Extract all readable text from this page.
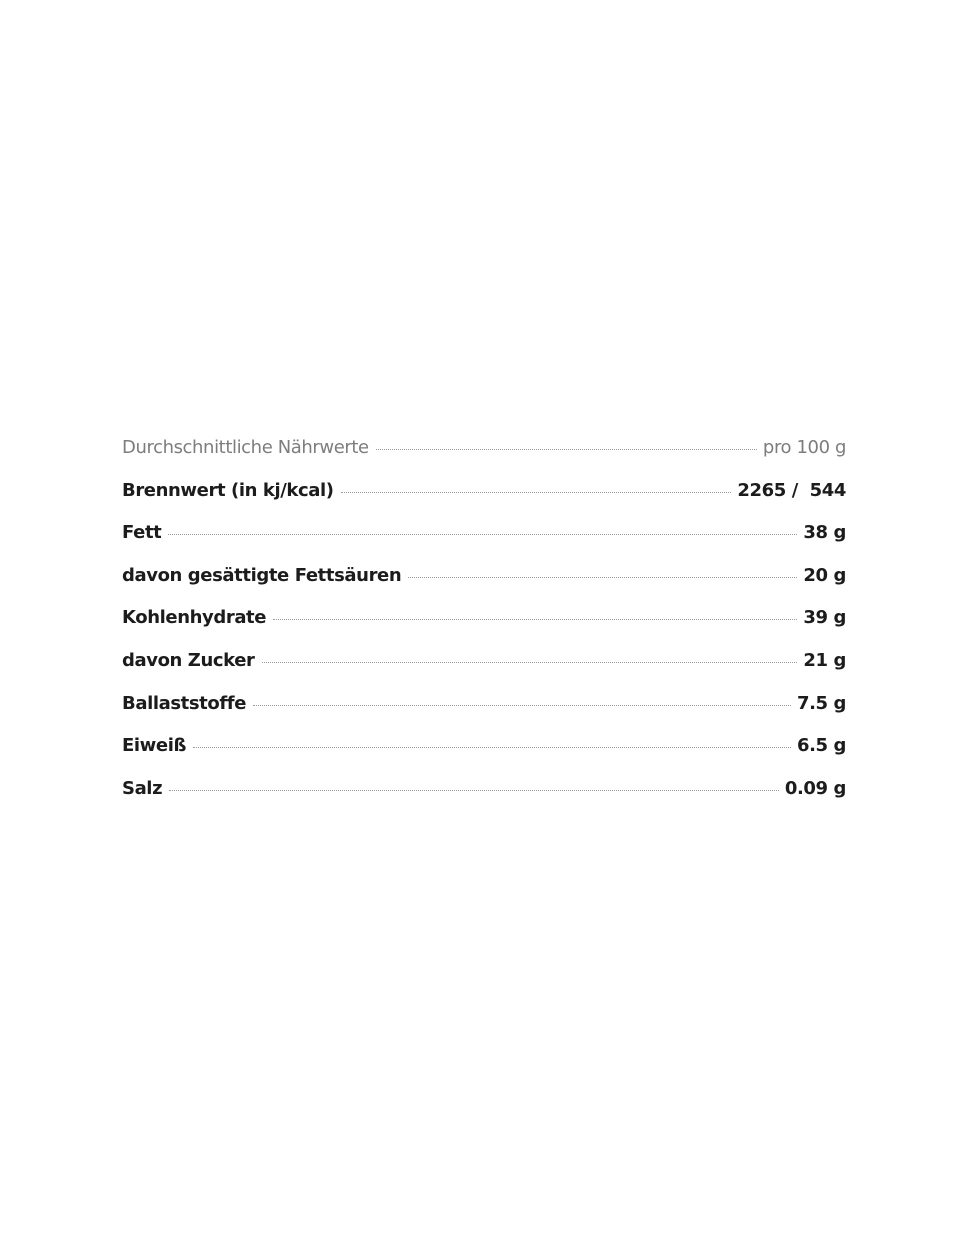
Durchschnittliche Nährwerte	pro 100 g
Brennwert (in kj/kcal)	2265 /  544
Fett	38 g
davon gesättigte Fettsäuren	20 g
Kohlenhydrate	39 g
davon Zucker	21 g
Ballaststoffe	7.5 g
Eiweiß	6.5 g
Salz	0.09 g
